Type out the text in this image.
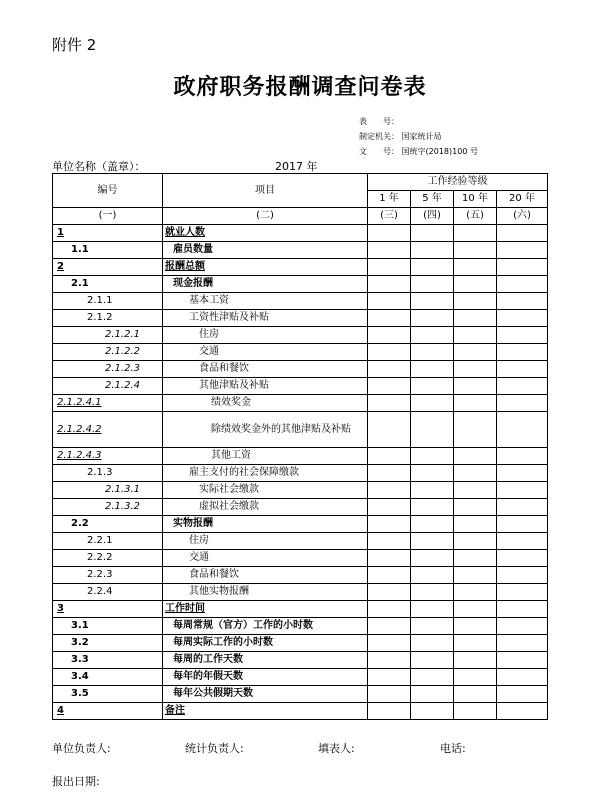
附件 2
政府职务报酬调查问卷表
表　　号：
制定机关： 国家统计局
文　　号： 国统字(2018)100 号
单位名称（盖章）：	2017 年
编号	项目	工作经验等级			
		1 年	5 年	10 年	20 年
(一)	(二)	(三)	(四)	(五)	(六)
1	就业人数				
1.1	雇员数量				
2	报酬总额				
2.1	现金报酬				
2.1.1	基本工资				
2.1.2	工资性津贴及补贴				
2.1.2.1	住房				
2.1.2.2	交通				
2.1.2.3	食品和餐饮				
2.1.2.4	其他津贴及补贴				
2.1.2.4.1	绩效奖金				
2.1.2.4.2	除绩效奖金外的其他津贴及补贴				
2.1.2.4.3	其他工资				
2.1.3	雇主支付的社会保障缴款				
2.1.3.1	实际社会缴款				
2.1.3.2	虚拟社会缴款				
2.2	实物报酬				
2.2.1	住房				
2.2.2	交通				
2.2.3	食品和餐饮				
2.2.4	其他实物报酬				
3	工作时间				
3.1	每周常规（官方）工作的小时数				
3.2	每周实际工作的小时数				
3.3	每周的工作天数				
3.4	每年的年假天数				
3.5	每年公共假期天数				
4	备注				
单位负责人:	统计负责人:	填表人:	电话:
报出日期:
